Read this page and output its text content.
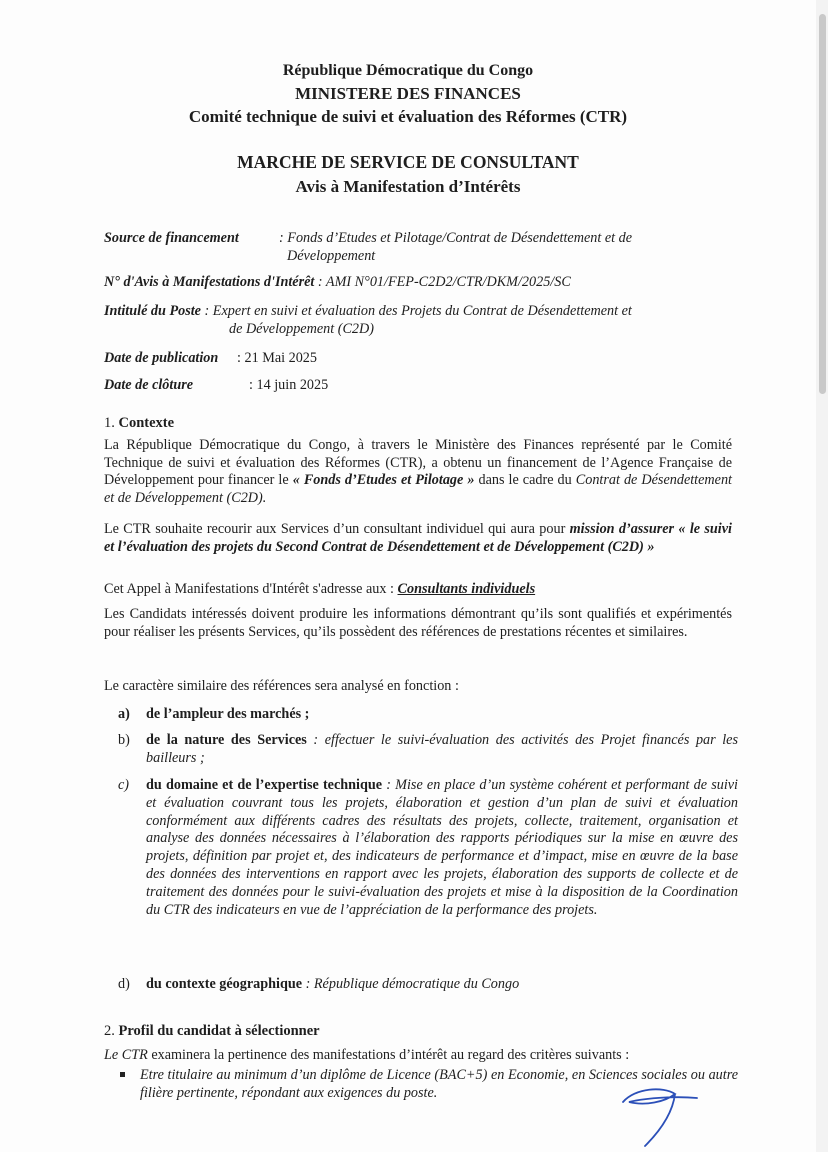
République Démocratique du Congo
MINISTERE DES FINANCES
Comité technique de suivi et évaluation des Réformes (CTR)
MARCHE DE SERVICE DE CONSULTANT
Avis à Manifestation d’Intérêts
Source de financement	: Fonds d’Etudes et Pilotage/Contrat de Désendettement et de
Développement
N° d'Avis à Manifestations d'Intérêt : AMI N°01/FEP-C2D2/CTR/DKM/2025/SC
Intitulé du Poste : Expert en suivi et évaluation des Projets du Contrat de Désendettement et
de Développement (C2D)
Date de publication : 21 Mai 2025
Date de clôture	: 14 juin 2025
1. Contexte
La République Démocratique du Congo, à travers le Ministère des Finances représenté par le Comité Technique de suivi et évaluation des Réformes (CTR), a obtenu un financement de l’Agence Française de Développement pour financer le « Fonds d’Etudes et Pilotage » dans le cadre du Contrat de Désendettement et de Développement (C2D).
Le CTR souhaite recourir aux Services d’un consultant individuel qui aura pour mission d’assurer « le suivi et l’évaluation des projets du Second Contrat de Désendettement et de Développement (C2D) »
Cet Appel à Manifestations d'Intérêt s'adresse aux : Consultants individuels
Les Candidats intéressés doivent produire les informations démontrant qu’ils sont qualifiés et expérimentés pour réaliser les présents Services, qu’ils possèdent des références de prestations récentes et similaires.
Le caractère similaire des références sera analysé en fonction :
a)	de l’ampleur des marchés ;
b)	de la nature des Services : effectuer le suivi-évaluation des activités des Projet financés par les bailleurs ;
c)	du domaine et de l’expertise technique : Mise en place d’un système cohérent et performant de suivi et évaluation couvrant tous les projets, élaboration et gestion d’un plan de suivi et évaluation conformément aux différents cadres des résultats des projets, collecte, traitement, organisation et analyse des données nécessaires à l’élaboration des rapports périodiques sur la mise en œuvre des projets, définition par projet et, des indicateurs de performance et d’impact, mise en œuvre de la base des données des interventions en rapport avec les projets, élaboration des supports de collecte et de traitement des données pour le suivi-évaluation des projets et mise à la disposition de la Coordination du CTR des indicateurs en vue de l’appréciation de la performance des projets.
d)	du contexte géographique : République démocratique du Congo
2. Profil du candidat à sélectionner
Le CTR examinera la pertinence des manifestations d’intérêt au regard des critères suivants :
Etre titulaire au minimum d’un diplôme de Licence (BAC+5) en Economie, en Sciences sociales ou autre filière pertinente, répondant aux exigences du poste.
